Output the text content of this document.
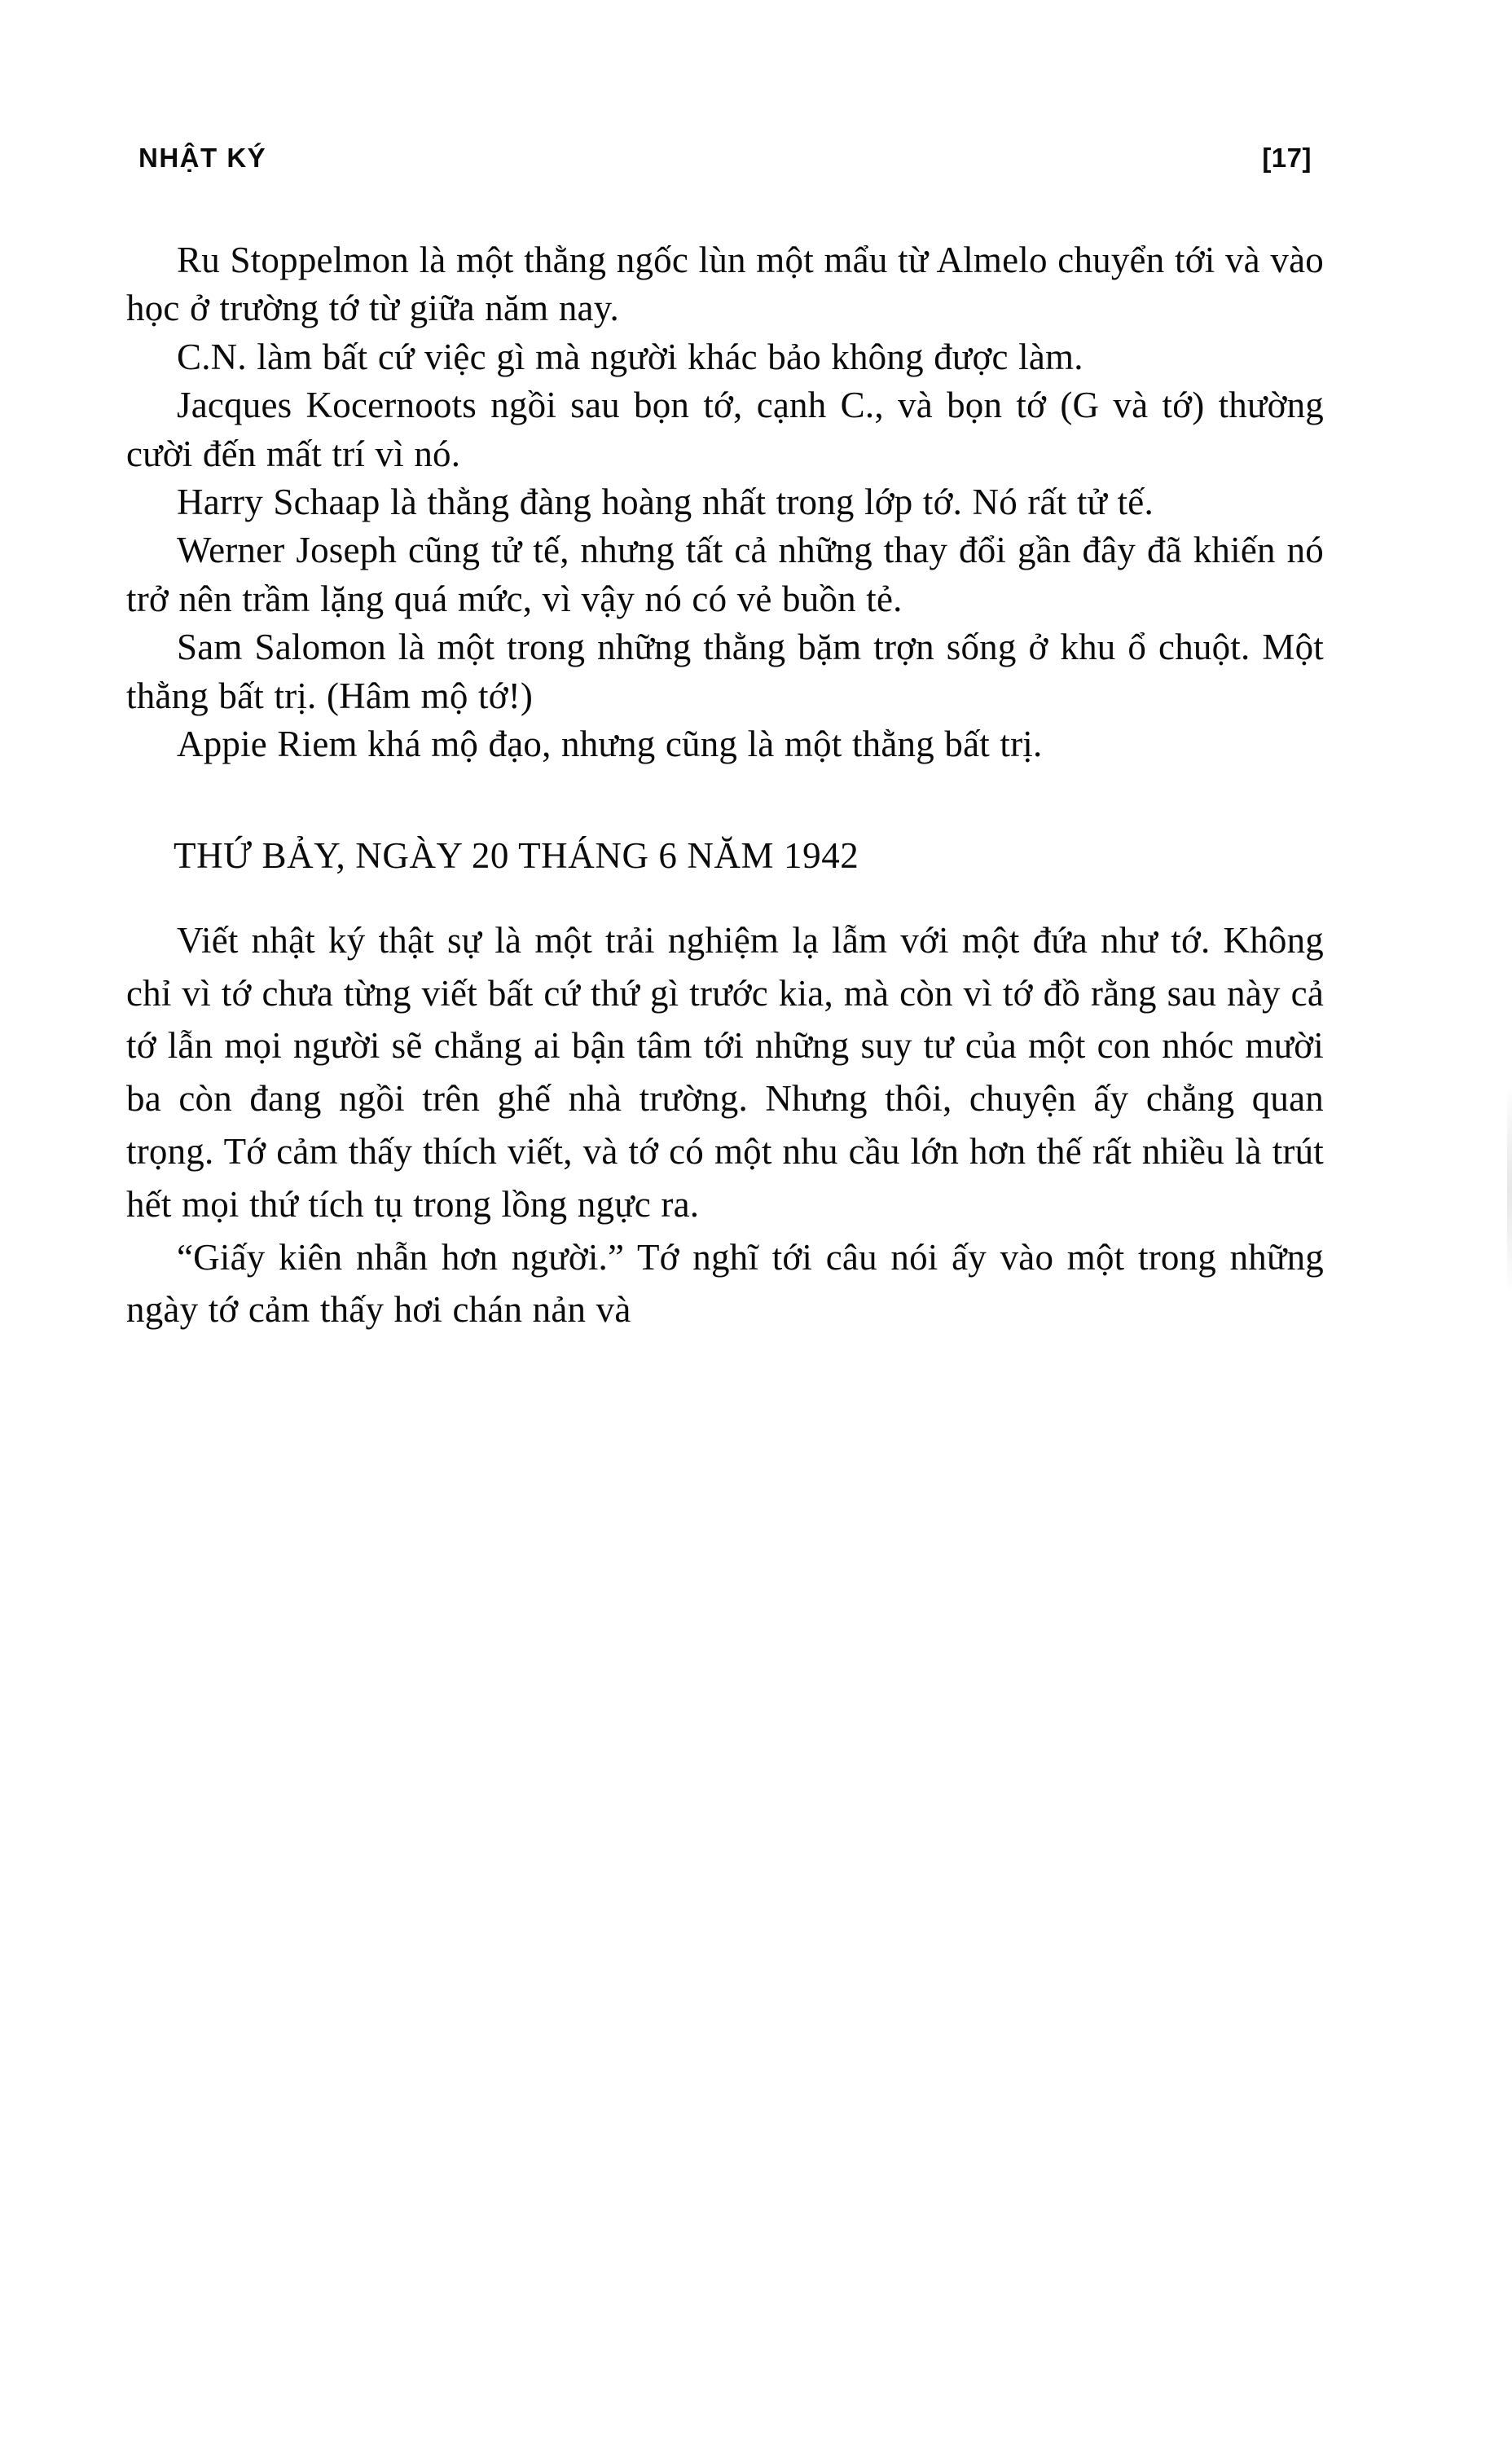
NHẬT KÝ	[17]

Ru Stoppelmon là một thằng ngốc lùn một mẩu từ Almelo chuyển tới và vào học ở trường tớ từ giữa năm nay.

C.N. làm bất cứ việc gì mà người khác bảo không được làm.

Jacques Kocernoots ngồi sau bọn tớ, cạnh C., và bọn tớ (G và tớ) thường cười đến mất trí vì nó.

Harry Schaap là thằng đàng hoàng nhất trong lớp tớ. Nó rất tử tế.

Werner Joseph cũng tử tế, nhưng tất cả những thay đổi gần đây đã khiến nó trở nên trầm lặng quá mức, vì vậy nó có vẻ buồn tẻ.

Sam Salomon là một trong những thằng bặm trợn sống ở khu ổ chuột. Một thằng bất trị. (Hâm mộ tớ!)

Appie Riem khá mộ đạo, nhưng cũng là một thằng bất trị.

THỨ BẢY, NGÀY 20 THÁNG 6 NĂM 1942

Viết nhật ký thật sự là một trải nghiệm lạ lẫm với một đứa như tớ. Không chỉ vì tớ chưa từng viết bất cứ thứ gì trước kia, mà còn vì tớ đồ rằng sau này cả tớ lẫn mọi người sẽ chẳng ai bận tâm tới những suy tư của một con nhóc mười ba còn đang ngồi trên ghế nhà trường. Nhưng thôi, chuyện ấy chẳng quan trọng. Tớ cảm thấy thích viết, và tớ có một nhu cầu lớn hơn thế rất nhiều là trút hết mọi thứ tích tụ trong lồng ngực ra.

“Giấy kiên nhẫn hơn người.” Tớ nghĩ tới câu nói ấy vào một trong những ngày tớ cảm thấy hơi chán nản và
